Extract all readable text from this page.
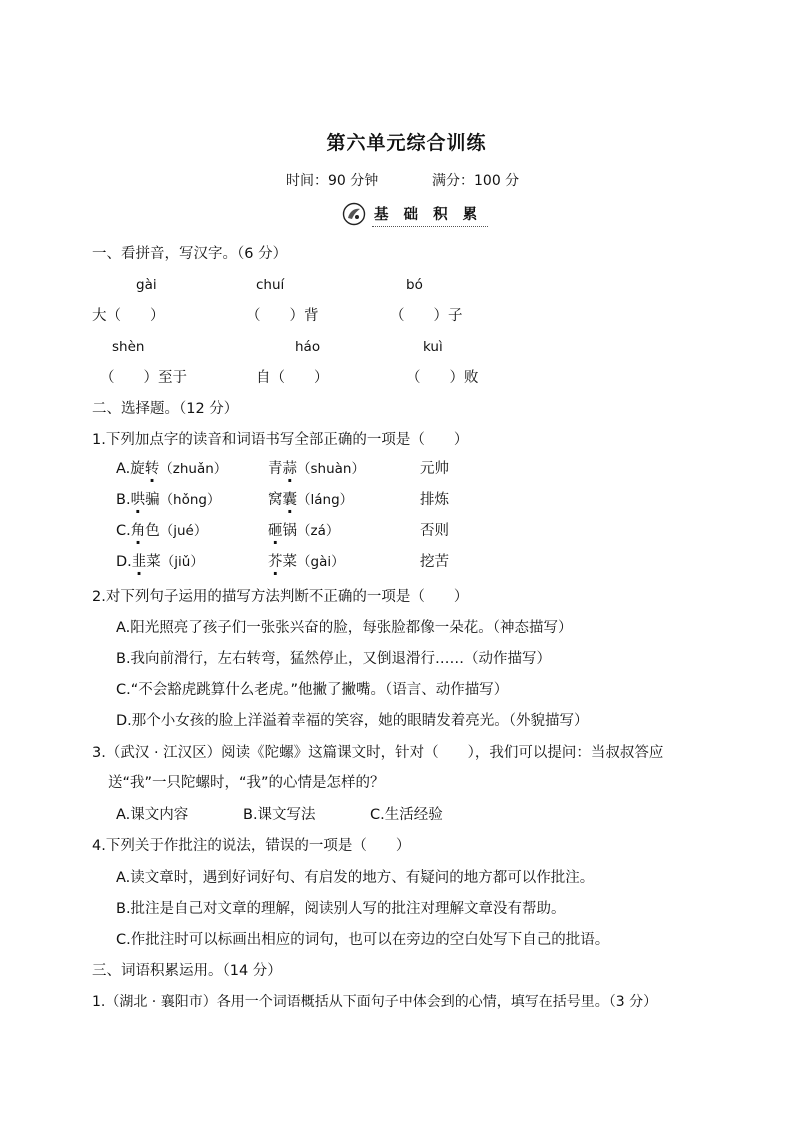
第六单元综合训练
时间：90 分钟	满分：100 分
基 础 积 累
一、看拼音，写汉字。（6 分）
gài	chuí	bó
大（　　）	（　　）背	（　　）子
shèn	háo	kuì
（　　）至于	自（　　）	（　　）败
二、选择题。（12 分）
1.下列加点字的读音和词语书写全部正确的一项是（　　）
A.旋转（zhuǎn）	青蒜（shuàn）	元帅
B.哄骗（hǒng）	窝囊（láng）	排炼
C.角色（jué）	砸锅（zá）	否则
D.韭菜（jiǔ）	芥菜（gài）	挖苦
2.对下列句子运用的描写方法判断不正确的一项是（　　）
A.阳光照亮了孩子们一张张兴奋的脸，每张脸都像一朵花。（神态描写）
B.我向前滑行，左右转弯，猛然停止，又倒退滑行……（动作描写）
C.“不会豁虎跳算什么老虎。”他撇了撇嘴。（语言、动作描写）
D.那个小女孩的脸上洋溢着幸福的笑容，她的眼睛发着亮光。（外貌描写）
3.（武汉 · 江汉区）阅读《陀螺》这篇课文时，针对（　　），我们可以提问：当叔叔答应
送“我”一只陀螺时，“我”的心情是怎样的？
A.课文内容	B.课文写法	C.生活经验
4.下列关于作批注的说法，错误的一项是（　　）
A.读文章时，遇到好词好句、有启发的地方、有疑问的地方都可以作批注。
B.批注是自己对文章的理解，阅读别人写的批注对理解文章没有帮助。
C.作批注时可以标画出相应的词句，也可以在旁边的空白处写下自己的批语。
三、词语积累运用。（14 分）
1.（湖北 · 襄阳市）各用一个词语概括从下面句子中体会到的心情，填写在括号里。（3 分）
